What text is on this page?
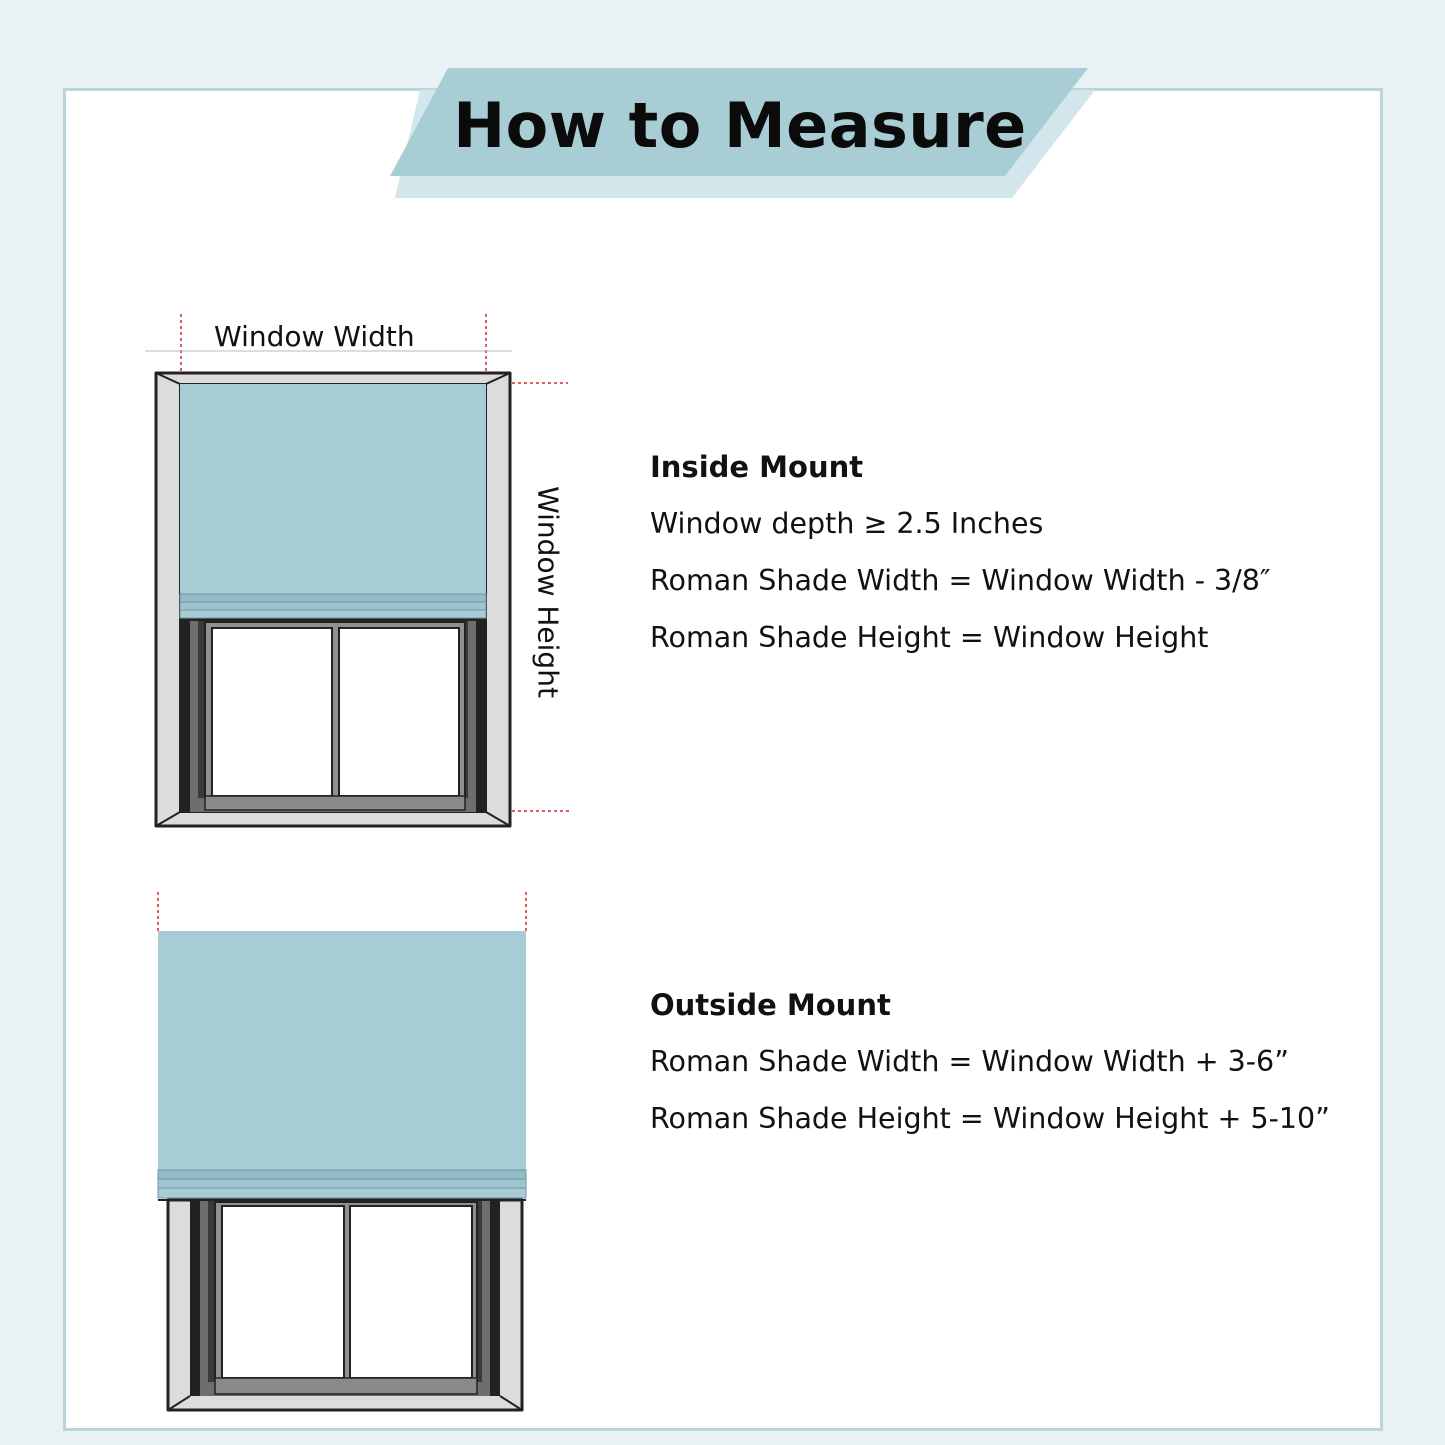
How to Measure
Window Width
Window Height
Inside Mount
Window depth ≥ 2.5 Inches
Roman Shade Width = Window Width - 3/8″
Roman Shade Height = Window Height
Outside Mount
Roman Shade Width = Window Width + 3-6”
Roman Shade Height = Window Height + 5-10”
